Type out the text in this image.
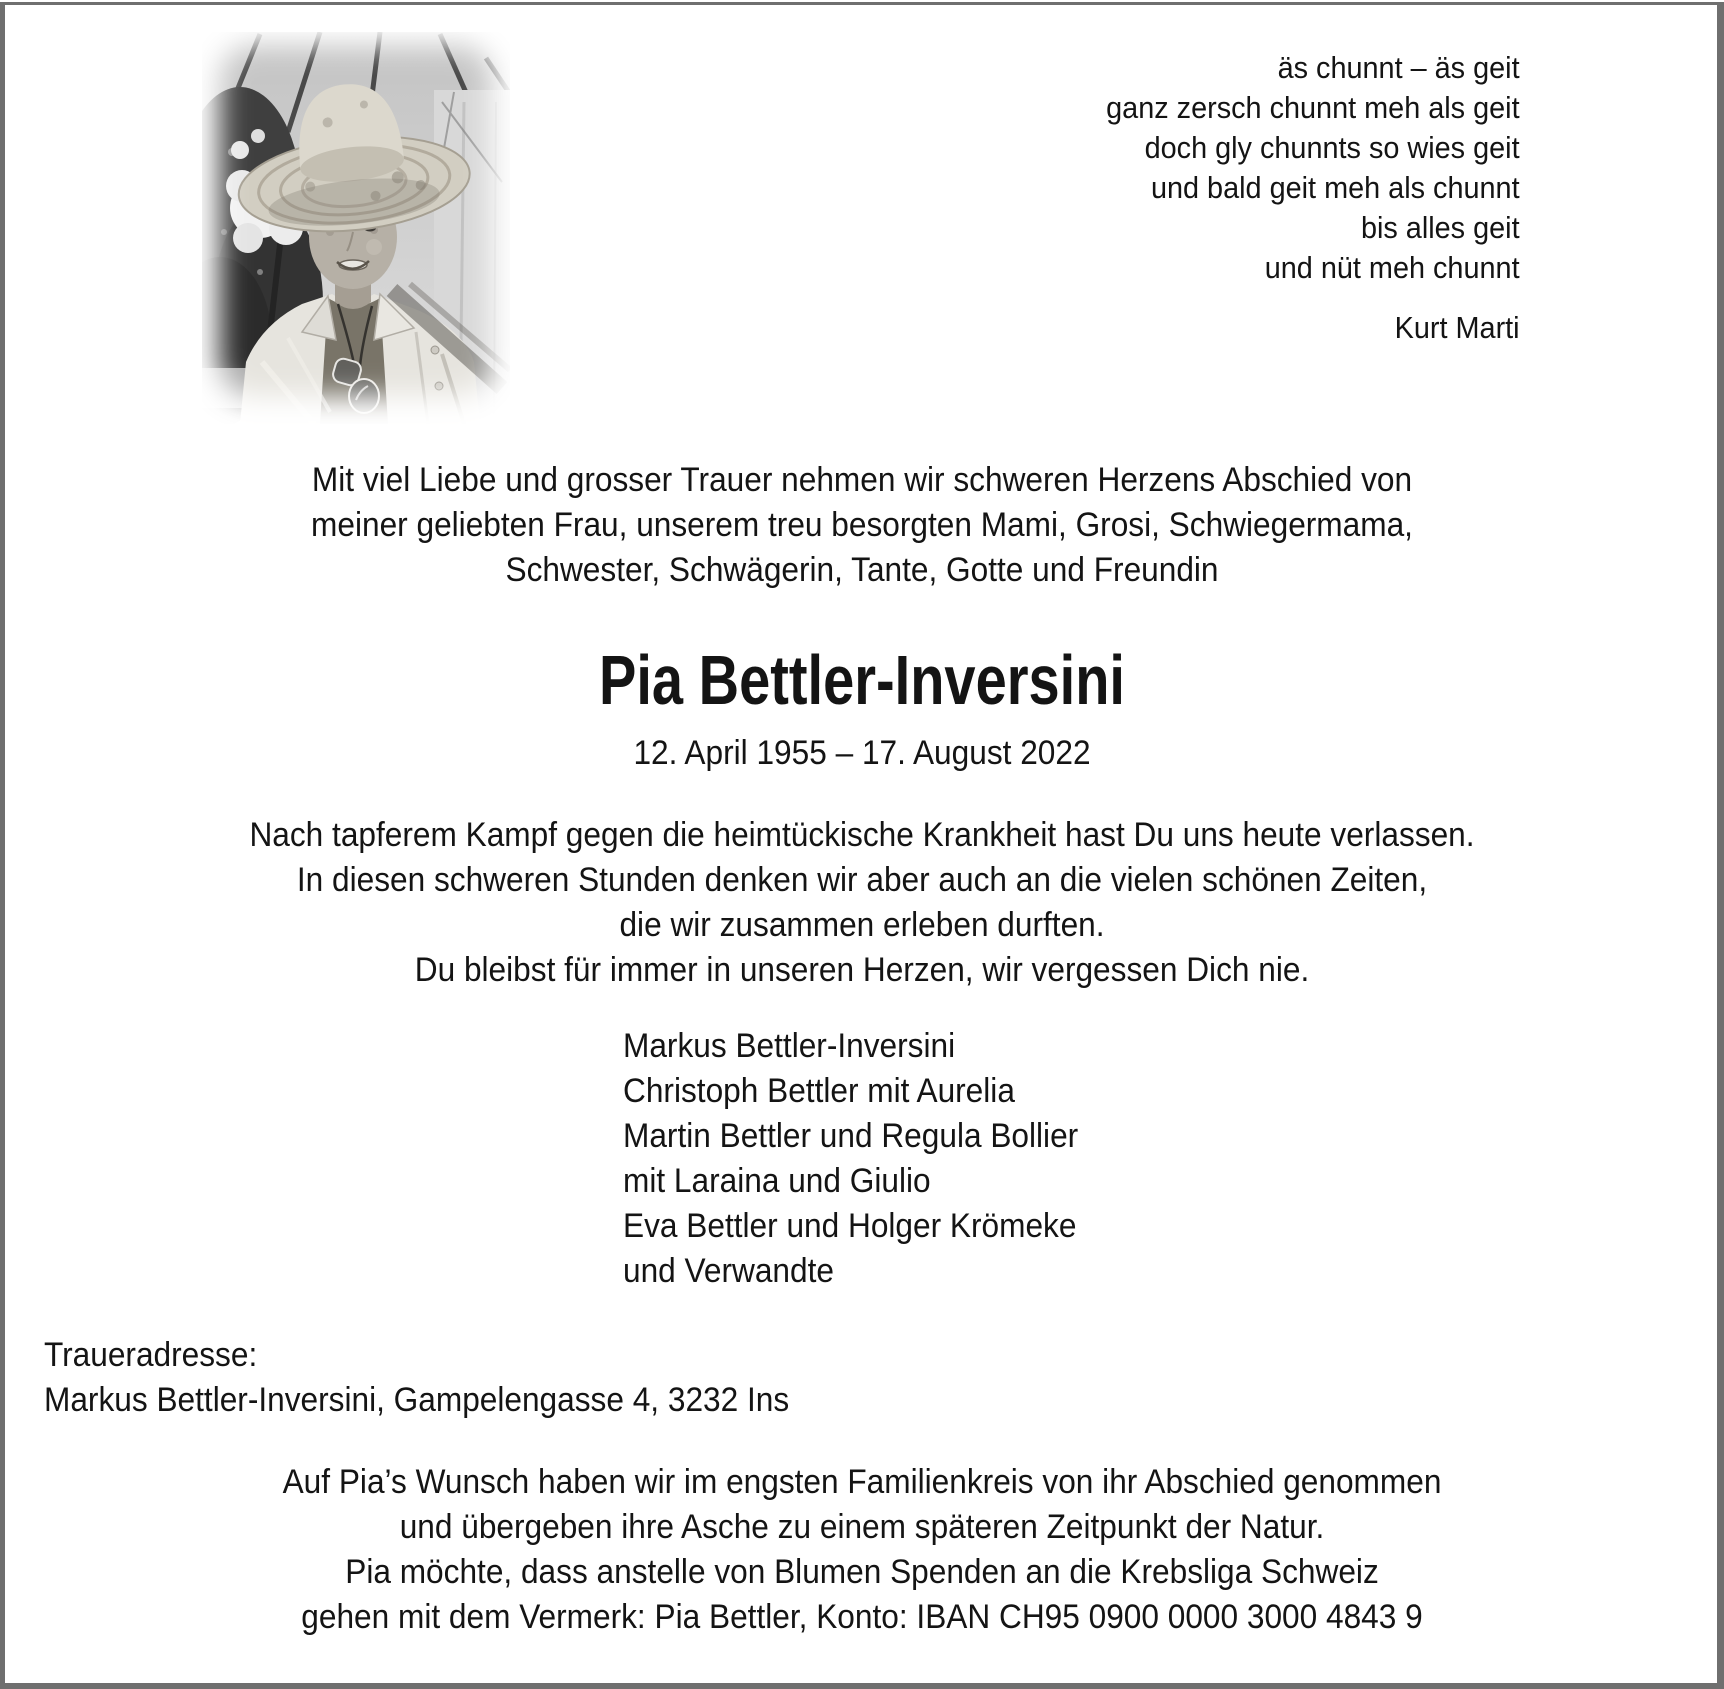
äs chunnt – äs geit
ganz zersch chunnt meh als geit
doch gly chunnts so wies geit
und bald geit meh als chunnt
bis alles geit
und nüt meh chunnt
Kurt Marti
Mit viel Liebe und grosser Trauer nehmen wir schweren Herzens Abschied von
meiner geliebten Frau, unserem treu besorgten Mami, Grosi, Schwiegermama,
Schwester, Schwägerin, Tante, Gotte und Freundin
Pia Bettler-Inversini
12. April 1955 – 17. August 2022
Nach tapferem Kampf gegen die heimtückische Krankheit hast Du uns heute verlassen.
In diesen schweren Stunden denken wir aber auch an die vielen schönen Zeiten,
die wir zusammen erleben durften.
Du bleibst für immer in unseren Herzen, wir vergessen Dich nie.
Markus Bettler-Inversini
Christoph Bettler mit Aurelia
Martin Bettler und Regula Bollier
mit Laraina und Giulio
Eva Bettler und Holger Krömeke
und Verwandte
Traueradresse:
Markus Bettler-Inversini, Gampelengasse 4, 3232 Ins
Auf Pia’s Wunsch haben wir im engsten Familienkreis von ihr Abschied genommen
und übergeben ihre Asche zu einem späteren Zeitpunkt der Natur.
Pia möchte, dass anstelle von Blumen Spenden an die Krebsliga Schweiz
gehen mit dem Vermerk: Pia Bettler, Konto: IBAN CH95 0900 0000 3000 4843 9
